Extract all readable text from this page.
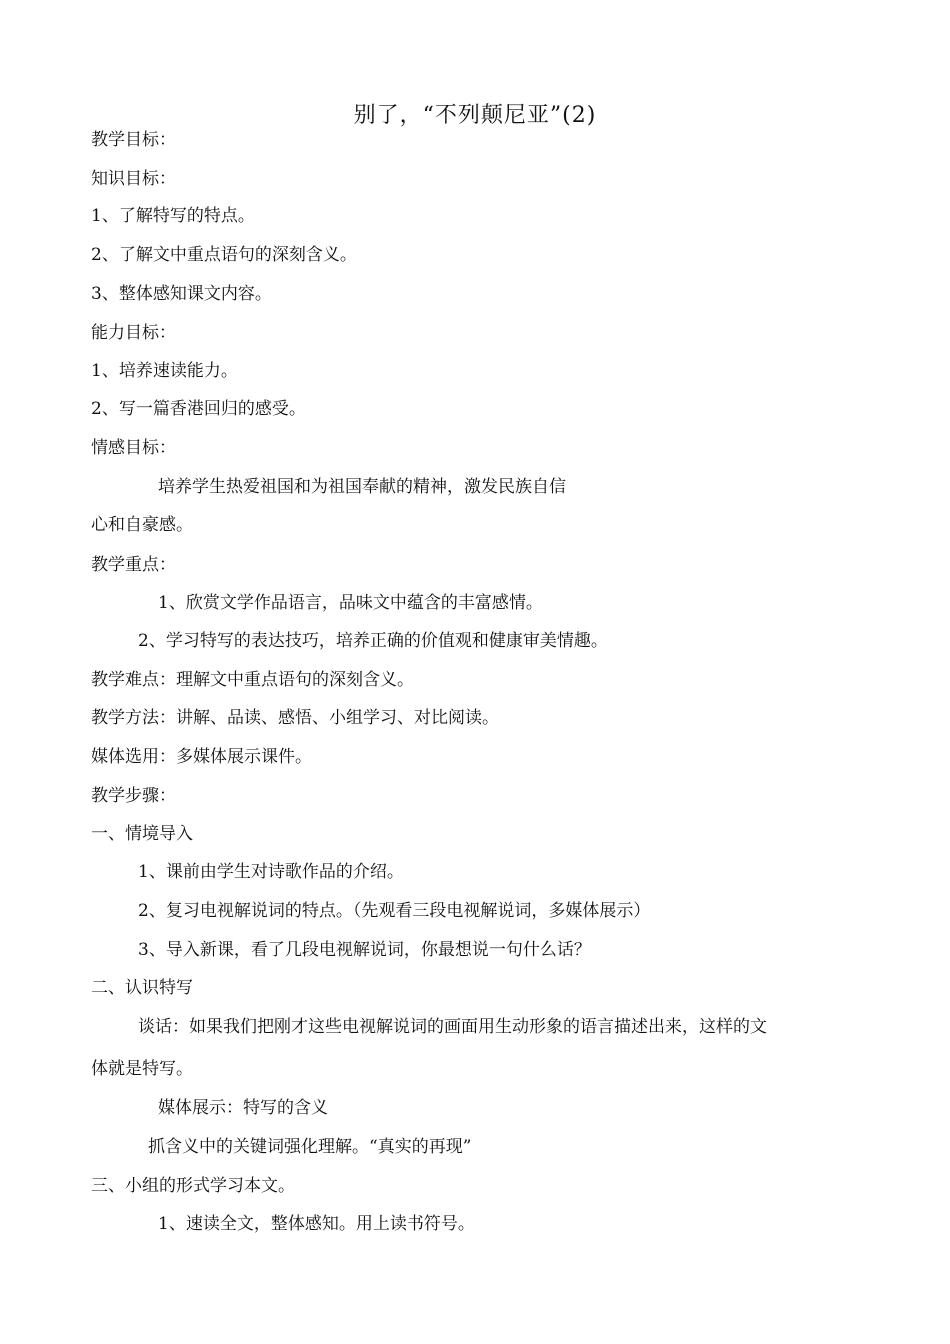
别了，“不列颠尼亚”(2)
教学目标：
知识目标：
1、了解特写的特点。
2、了解文中重点语句的深刻含义。
3、整体感知课文内容。
能力目标：
1、培养速读能力。
2、写一篇香港回归的感受。
情感目标：
培养学生热爱祖国和为祖国奉献的精神，激发民族自信
心和自豪感。
教学重点：
1、欣赏文学作品语言，品味文中蕴含的丰富感情。
2、学习特写的表达技巧，培养正确的价值观和健康审美情趣。
教学难点：理解文中重点语句的深刻含义。
教学方法：讲解、品读、感悟、小组学习、对比阅读。
媒体选用：多媒体展示课件。
教学步骤：
一、情境导入
1、课前由学生对诗歌作品的介绍。
2、复习电视解说词的特点。（先观看三段电视解说词，多媒体展示）
3、导入新课，看了几段电视解说词，你最想说一句什么话？
二、认识特写
谈话：如果我们把刚才这些电视解说词的画面用生动形象的语言描述出来，这样的文
体就是特写。
媒体展示：特写的含义
抓含义中的关键词强化理解。“真实的再现”
三、小组的形式学习本文。
1、速读全文，整体感知。用上读书符号。
